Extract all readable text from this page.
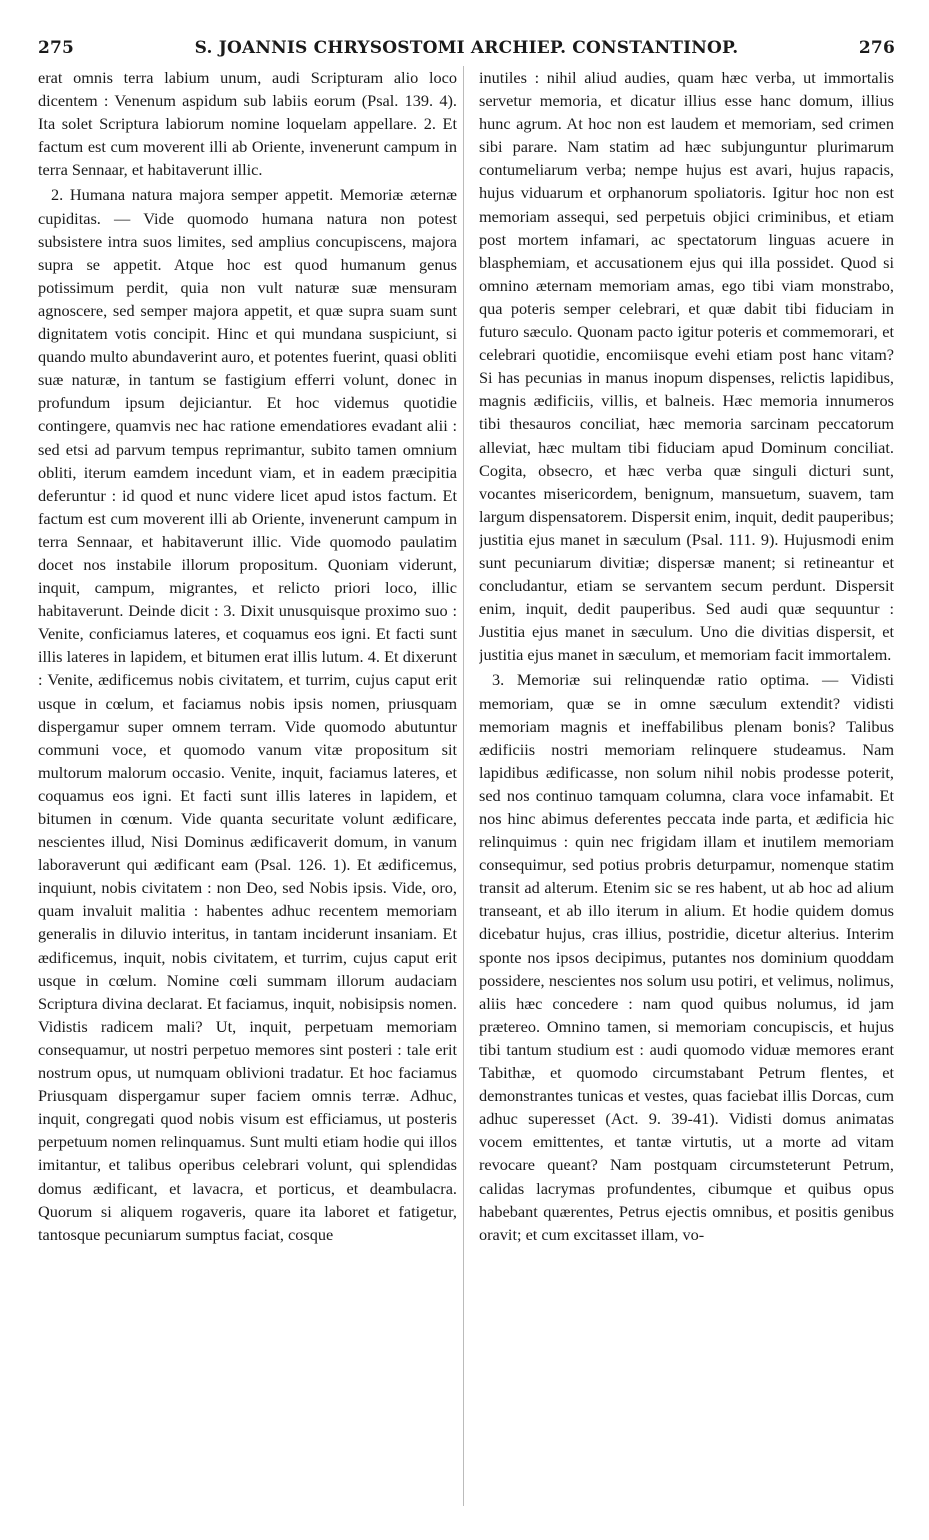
275	S. JOANNIS CHRYSOSTOMI ARCHIEP. CONSTANTINOP.	276

erat omnis terra labium unum, audi Scripturam alio loco dicentem : Venenum aspidum sub labiis eorum (Psal. 139. 4). Ita solet Scriptura labiorum nomine loquelam appellare. 2. Et factum est cum moverent illi ab Oriente, invenerunt campum in terra Sennaar, et habitaverunt illic.

2. Humana natura majora semper appetit. Memoriæ æternæ cupiditas. — Vide quomodo humana natura non potest subsistere intra suos limites, sed amplius concupiscens, majora supra se appetit. Atque hoc est quod humanum genus potissimum perdit, quia non vult naturæ suæ mensuram agnoscere, sed semper majora appetit, et quæ supra suam sunt dignitatem votis concipit. Hinc et qui mundana suspiciunt, si quando multo abundaverint auro, et potentes fuerint, quasi obliti suæ naturæ, in tantum se fastigium efferri volunt, donec in profundum ipsum dejiciantur. Et hoc videmus quotidie contingere, quamvis nec hac ratione emendatiores evadant alii : sed etsi ad parvum tempus reprimantur, subito tamen omnium obliti, iterum eamdem incedunt viam, et in eadem præcipitia deferuntur : id quod et nunc videre licet apud istos factum. Et factum est cum moverent illi ab Oriente, invenerunt campum in terra Sennaar, et habitaverunt illic. Vide quomodo paulatim docet nos instabile illorum propositum. Quoniam viderunt, inquit, campum, migrantes, et relicto priori loco, illic habitaverunt. Deinde dicit : 3. Dixit unusquisque proximo suo : Venite, conficiamus lateres, et coquamus eos igni. Et facti sunt illis lateres in lapidem, et bitumen erat illis lutum. 4. Et dixerunt : Venite, ædificemus nobis civitatem, et turrim, cujus caput erit usque in cœlum, et faciamus nobis ipsis nomen, priusquam dispergamur super omnem terram. Vide quomodo abutuntur communi voce, et quomodo vanum vitæ propositum sit multorum malorum occasio. Venite, inquit, faciamus lateres, et coquamus eos igni. Et facti sunt illis lateres in lapidem, et bitumen in cœnum. Vide quanta securitate volunt ædificare, nescientes illud, Nisi Dominus ædificaverit domum, in vanum laboraverunt qui ædificant eam (Psal. 126. 1). Et ædificemus, inquiunt, nobis civitatem : non Deo, sed Nobis ipsis. Vide, oro, quam invaluit malitia : habentes adhuc recentem memoriam generalis in diluvio interitus, in tantam inciderunt insaniam. Et ædificemus, inquit, nobis civitatem, et turrim, cujus caput erit usque in cœlum. Nomine cœli summam illorum audaciam Scriptura divina declarat. Et faciamus, inquit, nobisipsis nomen. Vidistis radicem mali? Ut, inquit, perpetuam memoriam consequamur, ut nostri perpetuo memores sint posteri : tale erit nostrum opus, ut numquam oblivioni tradatur. Et hoc faciamus Priusquam dispergamur super faciem omnis terræ. Adhuc, inquit, congregati quod nobis visum est efficiamus, ut posteris perpetuum nomen relinquamus. Sunt multi etiam hodie qui illos imitantur, et talibus operibus celebrari volunt, qui splendidas domus ædificant, et lavacra, et porticus, et deambulacra. Quorum si aliquem rogaveris, quare ita laboret et fatigetur, tantosque pecuniarum sumptus faciat, cosque

inutiles : nihil aliud audies, quam hæc verba, ut immortalis servetur memoria, et dicatur illius esse hanc domum, illius hunc agrum. At hoc non est laudem et memoriam, sed crimen sibi parare. Nam statim ad hæc subjunguntur plurimarum contumeliarum verba; nempe hujus est avari, hujus rapacis, hujus viduarum et orphanorum spoliatoris. Igitur hoc non est memoriam assequi, sed perpetuis objici criminibus, et etiam post mortem infamari, ac spectatorum linguas acuere in blasphemiam, et accusationem ejus qui illa possidet. Quod si omnino æternam memoriam amas, ego tibi viam monstrabo, qua poteris semper celebrari, et quæ dabit tibi fiduciam in futuro sæculo. Quonam pacto igitur poteris et commemorari, et celebrari quotidie, encomiisque evehi etiam post hanc vitam? Si has pecunias in manus inopum dispenses, relictis lapidibus, magnis ædificiis, villis, et balneis. Hæc memoria innumeros tibi thesauros conciliat, hæc memoria sarcinam peccatorum alleviat, hæc multam tibi fiduciam apud Dominum conciliat. Cogita, obsecro, et hæc verba quæ singuli dicturi sunt, vocantes misericordem, benignum, mansuetum, suavem, tam largum dispensatorem. Dispersit enim, inquit, dedit pauperibus; justitia ejus manet in sæculum (Psal. 111. 9). Hujusmodi enim sunt pecuniarum divitiæ; dispersæ manent; si retineantur et concludantur, etiam se servantem secum perdunt. Dispersit enim, inquit, dedit pauperibus. Sed audi quæ sequuntur : Justitia ejus manet in sæculum. Uno die divitias dispersit, et justitia ejus manet in sæculum, et memoriam facit immortalem.

3. Memoriæ sui relinquendæ ratio optima. — Vidisti memoriam, quæ se in omne sæculum extendit? vidisti memoriam magnis et ineffabilibus plenam bonis? Talibus ædificiis nostri memoriam relinquere studeamus. Nam lapidibus ædificasse, non solum nihil nobis prodesse poterit, sed nos continuo tamquam columna, clara voce infamabit. Et nos hinc abimus deferentes peccata inde parta, et ædificia hic relinquimus : quin nec frigidam illam et inutilem memoriam consequimur, sed potius probris deturpamur, nomenque statim transit ad alterum. Etenim sic se res habent, ut ab hoc ad alium transeant, et ab illo iterum in alium. Et hodie quidem domus dicebatur hujus, cras illius, postridie, dicetur alterius. Interim sponte nos ipsos decipimus, putantes nos dominium quoddam possidere, nescientes nos solum usu potiri, et velimus, nolimus, aliis hæc concedere : nam quod quibus nolumus, id jam prætereo. Omnino tamen, si memoriam concupiscis, et hujus tibi tantum studium est : audi quomodo viduæ memores erant Tabithæ, et quomodo circumstabant Petrum flentes, et demonstrantes tunicas et vestes, quas faciebat illis Dorcas, cum adhuc superesset (Act. 9. 39-41). Vidisti domus animatas vocem emittentes, et tantæ virtutis, ut a morte ad vitam revocare queant? Nam postquam circumsteterunt Petrum, calidas lacrymas profundentes, cibumque et quibus opus habebant quærentes, Petrus ejectis omnibus, et positis genibus oravit; et cum excitasset illam, vo-
